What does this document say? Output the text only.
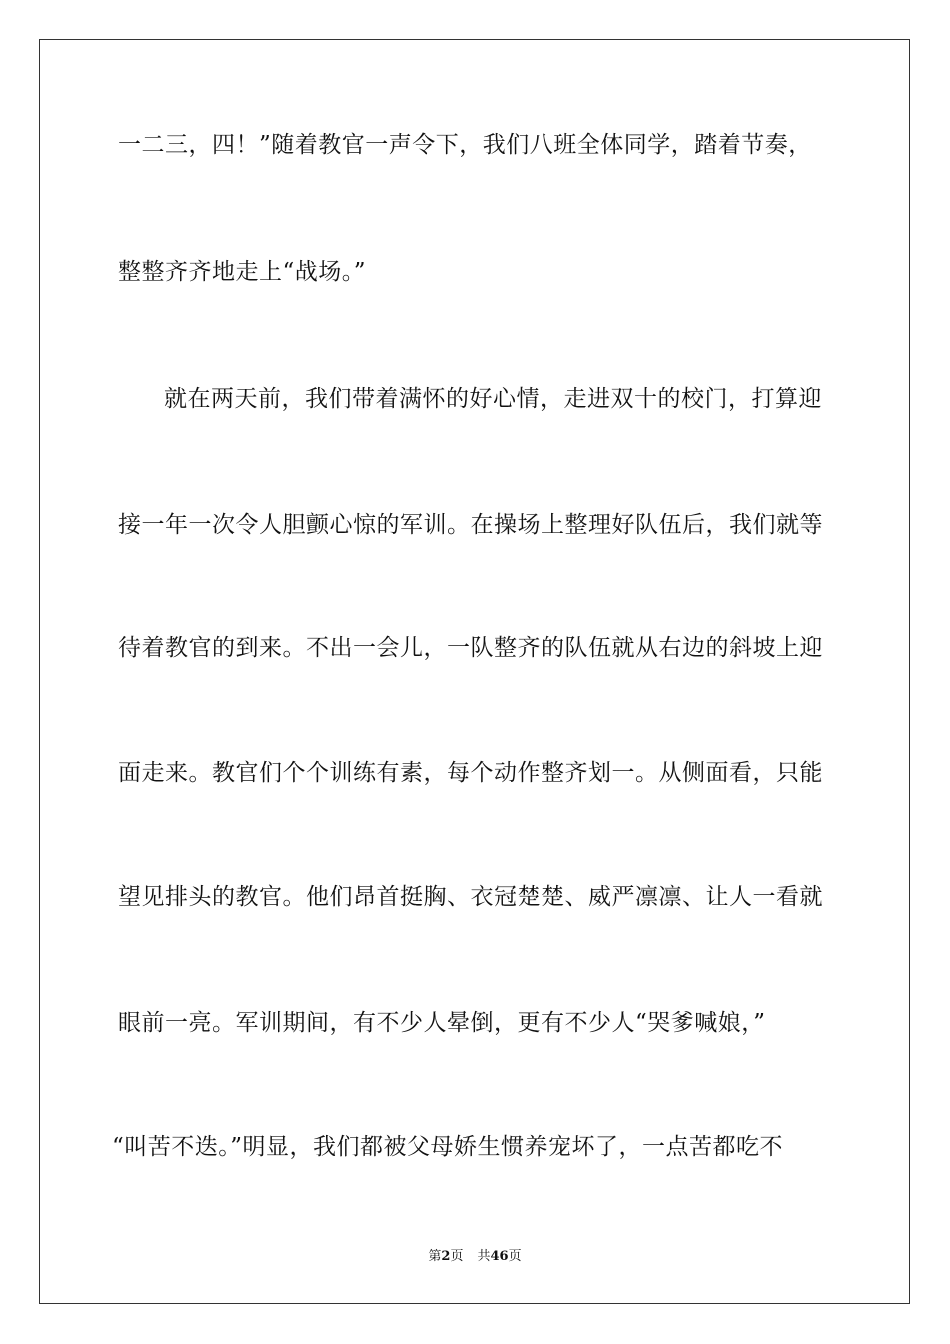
一二三，四！”随着教官一声令下，我们八班全体同学，踏着节奏，
整整齐齐地走上“战场。”
就在两天前，我们带着满怀的好心情，走进双十的校门，打算迎
接一年一次令人胆颤心惊的军训。在操场上整理好队伍后，我们就等
待着教官的到来。不出一会儿，一队整齐的队伍就从右边的斜坡上迎
面走来。教官们个个训练有素，每个动作整齐划一。从侧面看，只能
望见排头的教官。他们昂首挺胸、衣冠楚楚、威严凛凛、让人一看就
眼前一亮。军训期间，有不少人晕倒，更有不少人“哭爹喊娘，”
“叫苦不迭。”明显，我们都被父母娇生惯养宠坏了，一点苦都吃不
第2页 共46页
